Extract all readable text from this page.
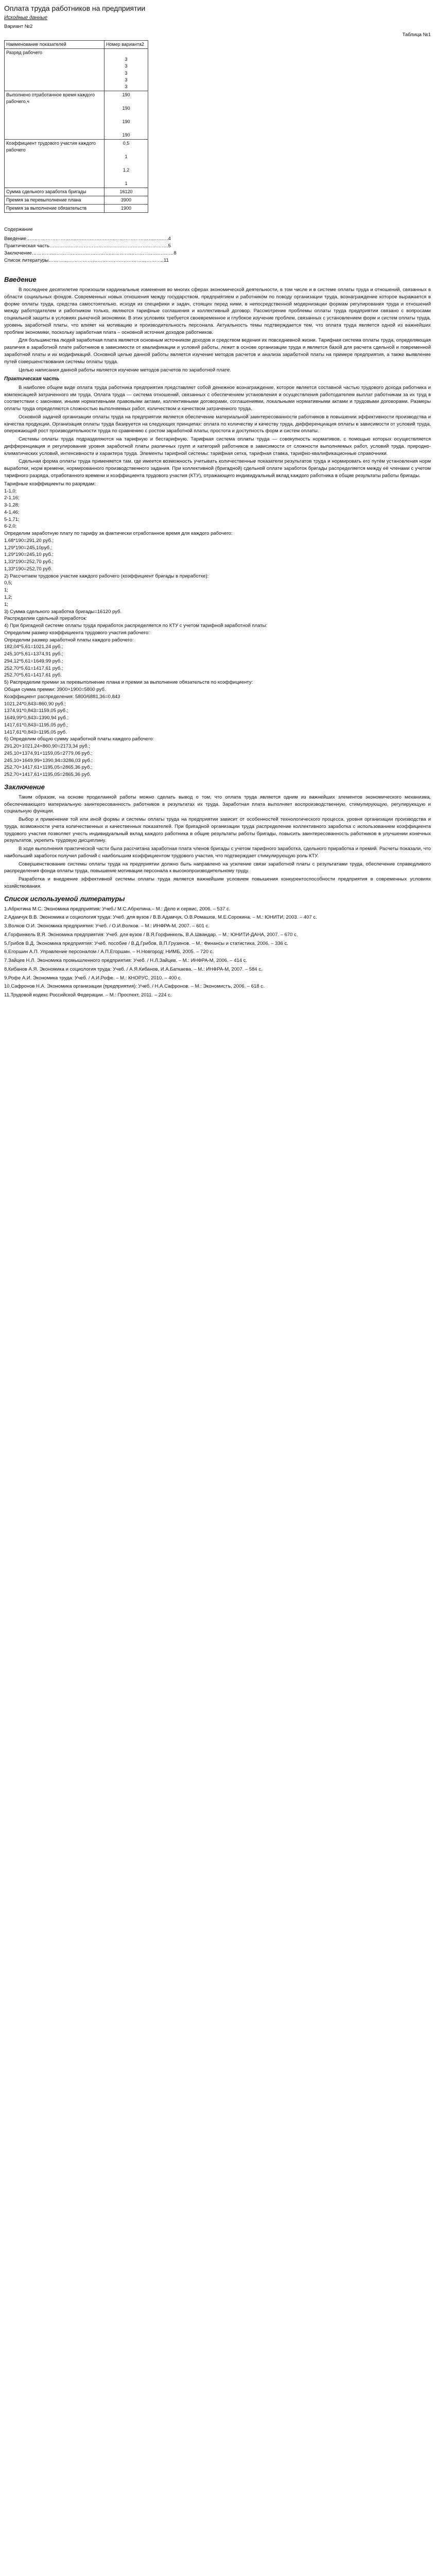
Оплата труда работников на предприятии
Исходные данные
Вариант №2
Таблица №1
Наименование показателей	Номер варианта2
Разряд рабочего	3
3
3
3
3

Выполнено отработанное время каждого рабочего,ч	190

190

190

190

Коэффициент трудового участия каждого рабочего	0,5

1

1,2

1

Сумма сдельного заработка бригады	16120

Премия за перевыполнение плана	3900

Премия за выполнение обязательств	1900
Содержание
Введение……………………………………………………………………………4
Практическая часть……………………………………………………………….5
Заключение……………………………………………………………………………8
Список литературы……………………………………………………………..11
Введение

В последнее десятилетие произошли кардинальные изменения во многих сферах экономической деятельности, в том числе и в системе оплаты труда и отношений, связанных в области социальных фондов. Современных новых отношения между государством, предприятием и работником по поводу организации труда, вознаграждение которое выражается в форме оплаты труда, средства самостоятельно, исходя из специфики и задач, стоящих перед ними, в непосредственной модернизации формам регулирования труда и отношений между работодателем и работником только, являются тарифные соглашения и коллективный договор. Рассмотрение проблемы оплаты труда предприятии связано с вопросами социальной защиты в условиях рыночной экономики. В этих условиях требуется своевременное и глубокое изучение проблем, связанных с установлением форм и систем оплаты труда, уровень заработной платы, что влияет на мотивацию и производительность персонала. Актуальность темы подтверждается тем, что оплата труда является одной из важнейших проблем экономики, поскольку заработная плата – основной источник доходов работников.

Для большинства людей заработная плата является основным источником доходов и средством ведения их повседневной жизни. Тарифная система оплаты труда, определяющая различия в заработной плате работников в зависимости от квалификации и условий работы, лежит в основе организации труда и является базой для расчета сдельной и повременной заработной платы и их модификаций. Основной целью данной работы является изучение методов расчетов и анализа заработной платы на примере предприятия, а также выявление путей совершенствования системы оплаты труда.

Целью написания данной работы является изучение методов расчетов по заработной плате.

Практическая часть

В наиболее общем виде оплата труда работника предприятия представляет собой денежное вознаграждение, которое является составной частью трудового дохода работника и компенсацией затраченного им труда. Оплата труда — система отношений, связанных с обеспечением установления и осуществления работодателем выплат работникам за их труд в соответствии с законами, иными нормативными правовыми актами, коллективными договорами, соглашениями, локальными нормативными актами и трудовыми договорами. Размеры оплаты труда определяются сложностью выполняемых работ, количеством и качеством затраченного труда.

Основной задачей организации оплаты труда на предприятии является обеспечение материальной заинтересованности работников в повышении эффективности производства и качества продукции. Организация оплаты труда базируется на следующих принципах: оплата по количеству и качеству труда, дифференциация оплаты в зависимости от условий труда, опережающий рост производительности труда по сравнению с ростом заработной платы, простота и доступность форм и систем оплаты.

Системы оплаты труда подразделяются на тарифную и бестарифную. Тарифная система оплаты труда — совокупность нормативов, с помощью которых осуществляется дифференциация и регулирование уровня заработной платы различных групп и категорий работников в зависимости от сложности выполняемых работ, условий труда, природно-климатических условий, интенсивности и характера труда. Элементы тарифной системы: тарифная сетка, тарифная ставка, тарифно-квалификационные справочники.

Сдельная форма оплаты труда применяется там, где имеется возможность учитывать количественные показатели результатов труда и нормировать его путём установления норм выработки, норм времени, нормированного производственного задания. При коллективной (бригадной) сдельной оплате заработок бригады распределяется между её членами с учетом тарифного разряда, отработанного времени и коэффициента трудового участия (КТУ), отражающего индивидуальный вклад каждого работника в общие результаты работы бригады.

Тарифные коэффициенты по разрядам:
1-1,0;
2-1,16;
3-1,28;
4-1,46;
5-1,71;
6-2,0;
Определим заработную плату по тарифу за фактически отработанное время для каждого рабочего:
1.68*190=291,20 руб.;
1,29*190=245,10руб.;
1,29*190=245,10 руб.;
1,33*190=252,70 руб.;
1,33*190=252,70 руб.
2) Рассчитаем трудовое участие каждого рабочего (коэффициент бригады в приработке):
0,5;
1;
1,2;
1;
3) Сумма сдельного заработка бригады=16120 руб.
Распределим сдельный приработок:
4) При бригадной системе оплаты труда приработок распределяется по КТУ с учетом тарифной заработной платы:
Определим размер коэффициента трудового участия рабочего:
Определим размер заработной платы каждого рабочего:
182,04*5,61=1021,24 руб.;
245,10*5,61=1374,91 руб.;
294,12*5,61=1649,99 руб.;
252,70*5,61=1417,61 руб.;
252,70*5,61=1417,61 руб.
5) Распределим премии за перевыполнение плана и премии за выполнение обязательств по коэффициенту:
Общая сумма премии: 3900+1900=5800 руб.
Коэффициент распределения: 5800/6881,36=0,843
1021,24*0,843=860,90 руб.;
1374,91*0,843=1159,05 руб.;
1649,99*0,843=1390,94 руб.;
1417,61*0,843=1195,05 руб.;
1417,61*0,843=1195,05 руб.
6) Определим общую сумму заработной платы каждого рабочего:
291,20+1021,24+860,90=2173,34 руб.;
245,10+1374,91+1159,05=2779,06 руб.;
245,10+1649,99+1390,94=3286,03 руб.;
252,70+1417,61+1195,05=2865,36 руб.;
252,70+1417,61+1195,05=2865,36 руб.
Заключение

Таким образом, на основе проделанной работы можно сделать вывод о том, что оплата труда является одним из важнейших элементов экономического механизма, обеспечивающего материальную заинтересованность работников в результатах их труда. Заработная плата выполняет воспроизводственную, стимулирующую, регулирующую и социальную функции.

Выбор и применение той или иной формы и системы оплаты труда на предприятии зависит от особенностей технологического процесса, уровня организации производства и труда, возможности учета количественных и качественных показателей. При бригадной организации труда распределение коллективного заработка с использованием коэффициента трудового участия позволяет учесть индивидуальный вклад каждого работника в общие результаты работы бригады, повысить заинтересованность работников в улучшении конечных результатов, укрепить трудовую дисциплину.

В ходе выполнения практической части была рассчитана заработная плата членов бригады с учетом тарифного заработка, сдельного приработка и премий. Расчеты показали, что наибольший заработок получил рабочий с наибольшим коэффициентом трудового участия, что подтверждает стимулирующую роль КТУ.

Совершенствование системы оплаты труда на предприятии должно быть направлено на усиление связи заработной платы с результатами труда, обеспечение справедливого распределения фонда оплаты труда, повышение мотивации персонала к высокопроизводительному труду.

Разработка и внедрение эффективной системы оплаты труда является важнейшим условием повышения конкурентоспособности предприятия в современных условиях хозяйствования.

Список используемой литературы
1.Абрютина М.С. Экономика предприятия: Учеб./ М.С.Абрютина.– М.: Дело и сервис, 2006. – 537 с.
2.Адамчук В.В. Экономика и социология труда: Учеб. для вузов / В.В.Адамчук, О.В.Ромашов, М.Е.Сорокина. – М.: ЮНИТИ, 2003. – 407 с.
3.Волков О.И. Экономика предприятия: Учеб. / О.И.Волков. – М.: ИНФРА-М, 2007. – 601 с.
4.Горфинкель В.Я. Экономика предприятия: Учеб. для вузов / В.Я.Горфинкель, В.А.Швандар. – М.: ЮНИТИ-ДАНА, 2007. – 670 с.
5.Грибов В.Д. Экономика предприятия: Учеб. пособие / В.Д.Грибов, В.П.Грузинов. – М.: Финансы и статистика, 2006. – 336 с.
6.Егоршин А.П. Управление персоналом / А.П.Егоршин. – Н.Новгород: НИМБ, 2005. – 720 с.
7.Зайцев Н.Л. Экономика промышленного предприятия: Учеб. / Н.Л.Зайцев. – М.: ИНФРА-М, 2006. – 414 с.
8.Кибанов А.Я. Экономика и социология труда: Учеб. / А.Я.Кибанов, И.А.Баткаева. – М.: ИНФРА-М, 2007. – 584 с.
9.Рофе А.И. Экономика труда: Учеб. / А.И.Рофе. – М.: КНОРУС, 2010. – 400 с.
10.Сафронов Н.А. Экономика организации (предприятия): Учеб. / Н.А.Сафронов. – М.: Экономистъ, 2006. – 618 с.
11.Трудовой кодекс Российской Федерации. – М.: Проспект, 2011. – 224 с.
